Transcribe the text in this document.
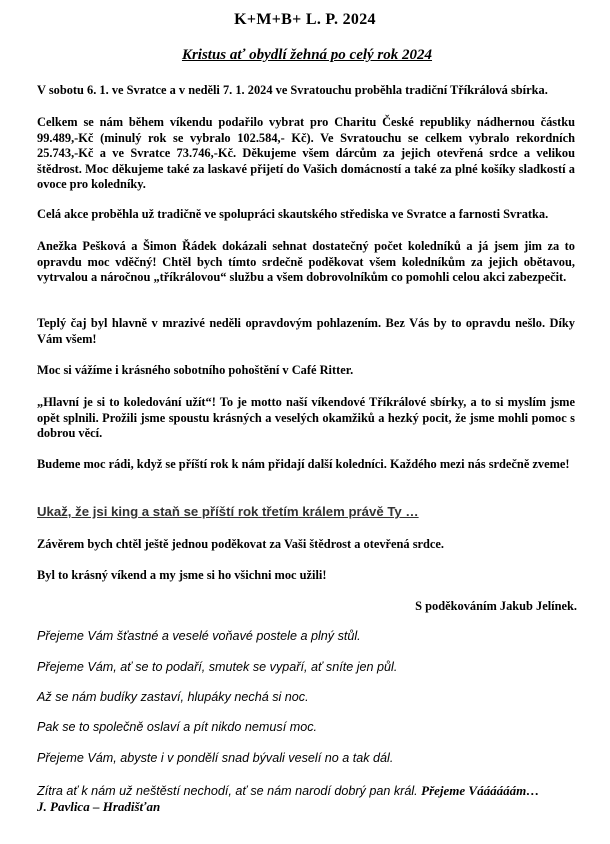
K+M+B+ L. P. 2024
Kristus ať obydlí žehná po celý rok 2024

V sobotu 6. 1. ve Svratce a v neděli 7. 1. 2024 ve Svratouchu proběhla tradiční Tříkrálová sbírka.

Celkem se nám během víkendu podařilo vybrat pro Charitu České republiky nádhernou částku 99.489,-Kč (minulý rok se vybralo 102.584,- Kč). Ve Svratouchu se celkem vybralo rekordních 25.743,-Kč a ve Svratce 73.746,-Kč. Děkujeme všem dárcům za jejich otevřená srdce a velikou štědrost. Moc děkujeme také za laskavé přijetí do Vašich domácností a také za plné košíky sladkostí a ovoce pro koledníky.

Celá akce proběhla už tradičně ve spolupráci skautského střediska ve Svratce a farnosti Svratka.

Anežka Pešková a Šimon Řádek dokázali sehnat dostatečný počet koledníků a já jsem jim za to opravdu moc vděčný! Chtěl bych tímto srdečně poděkovat všem koledníkům za jejich obětavou, vytrvalou a náročnou „tříkrálovou“ službu a všem dobrovolníkům co pomohli celou akci zabezpečit.

Teplý čaj byl hlavně v mrazivé neděli opravdovým pohlazením. Bez Vás by to opravdu nešlo. Díky Vám všem!

Moc si vážíme i krásného sobotního pohoštění v Café Ritter.

„Hlavní je si to koledování užít“! To je motto naší víkendové Tříkrálové sbírky, a to si myslím jsme opět splnili. Prožili jsme spoustu krásných a veselých okamžiků a hezký pocit, že jsme mohli pomoc s dobrou věcí.

Budeme moc rádi, když se příští rok k nám přidají další koledníci. Každého mezi nás srdečně zveme!

Ukaž, že jsi king a staň se příští rok třetím králem právě Ty …

Závěrem bych chtěl ještě jednou poděkovat za Vaši štědrost a otevřená srdce.

Byl to krásný víkend a my jsme si ho všichni moc užili!

S poděkováním Jakub Jelínek.
Přejeme Vám šťastné a veselé voňavé postele a plný stůl.
Přejeme Vám, ať se to podaří, smutek se vypaří, ať sníte jen půl.
Až se nám budíky zastaví, hlupáky nechá si noc.
Pak se to společně oslaví a pít nikdo nemusí moc.
Přejeme Vám, abyste i v pondělí snad bývali veselí no a tak dál.
Zítra ať k nám už neštěstí nechodí, ať se nám narodí dobrý pan král. Přejeme Váááááám…
J. Pavlica – Hradišťan
